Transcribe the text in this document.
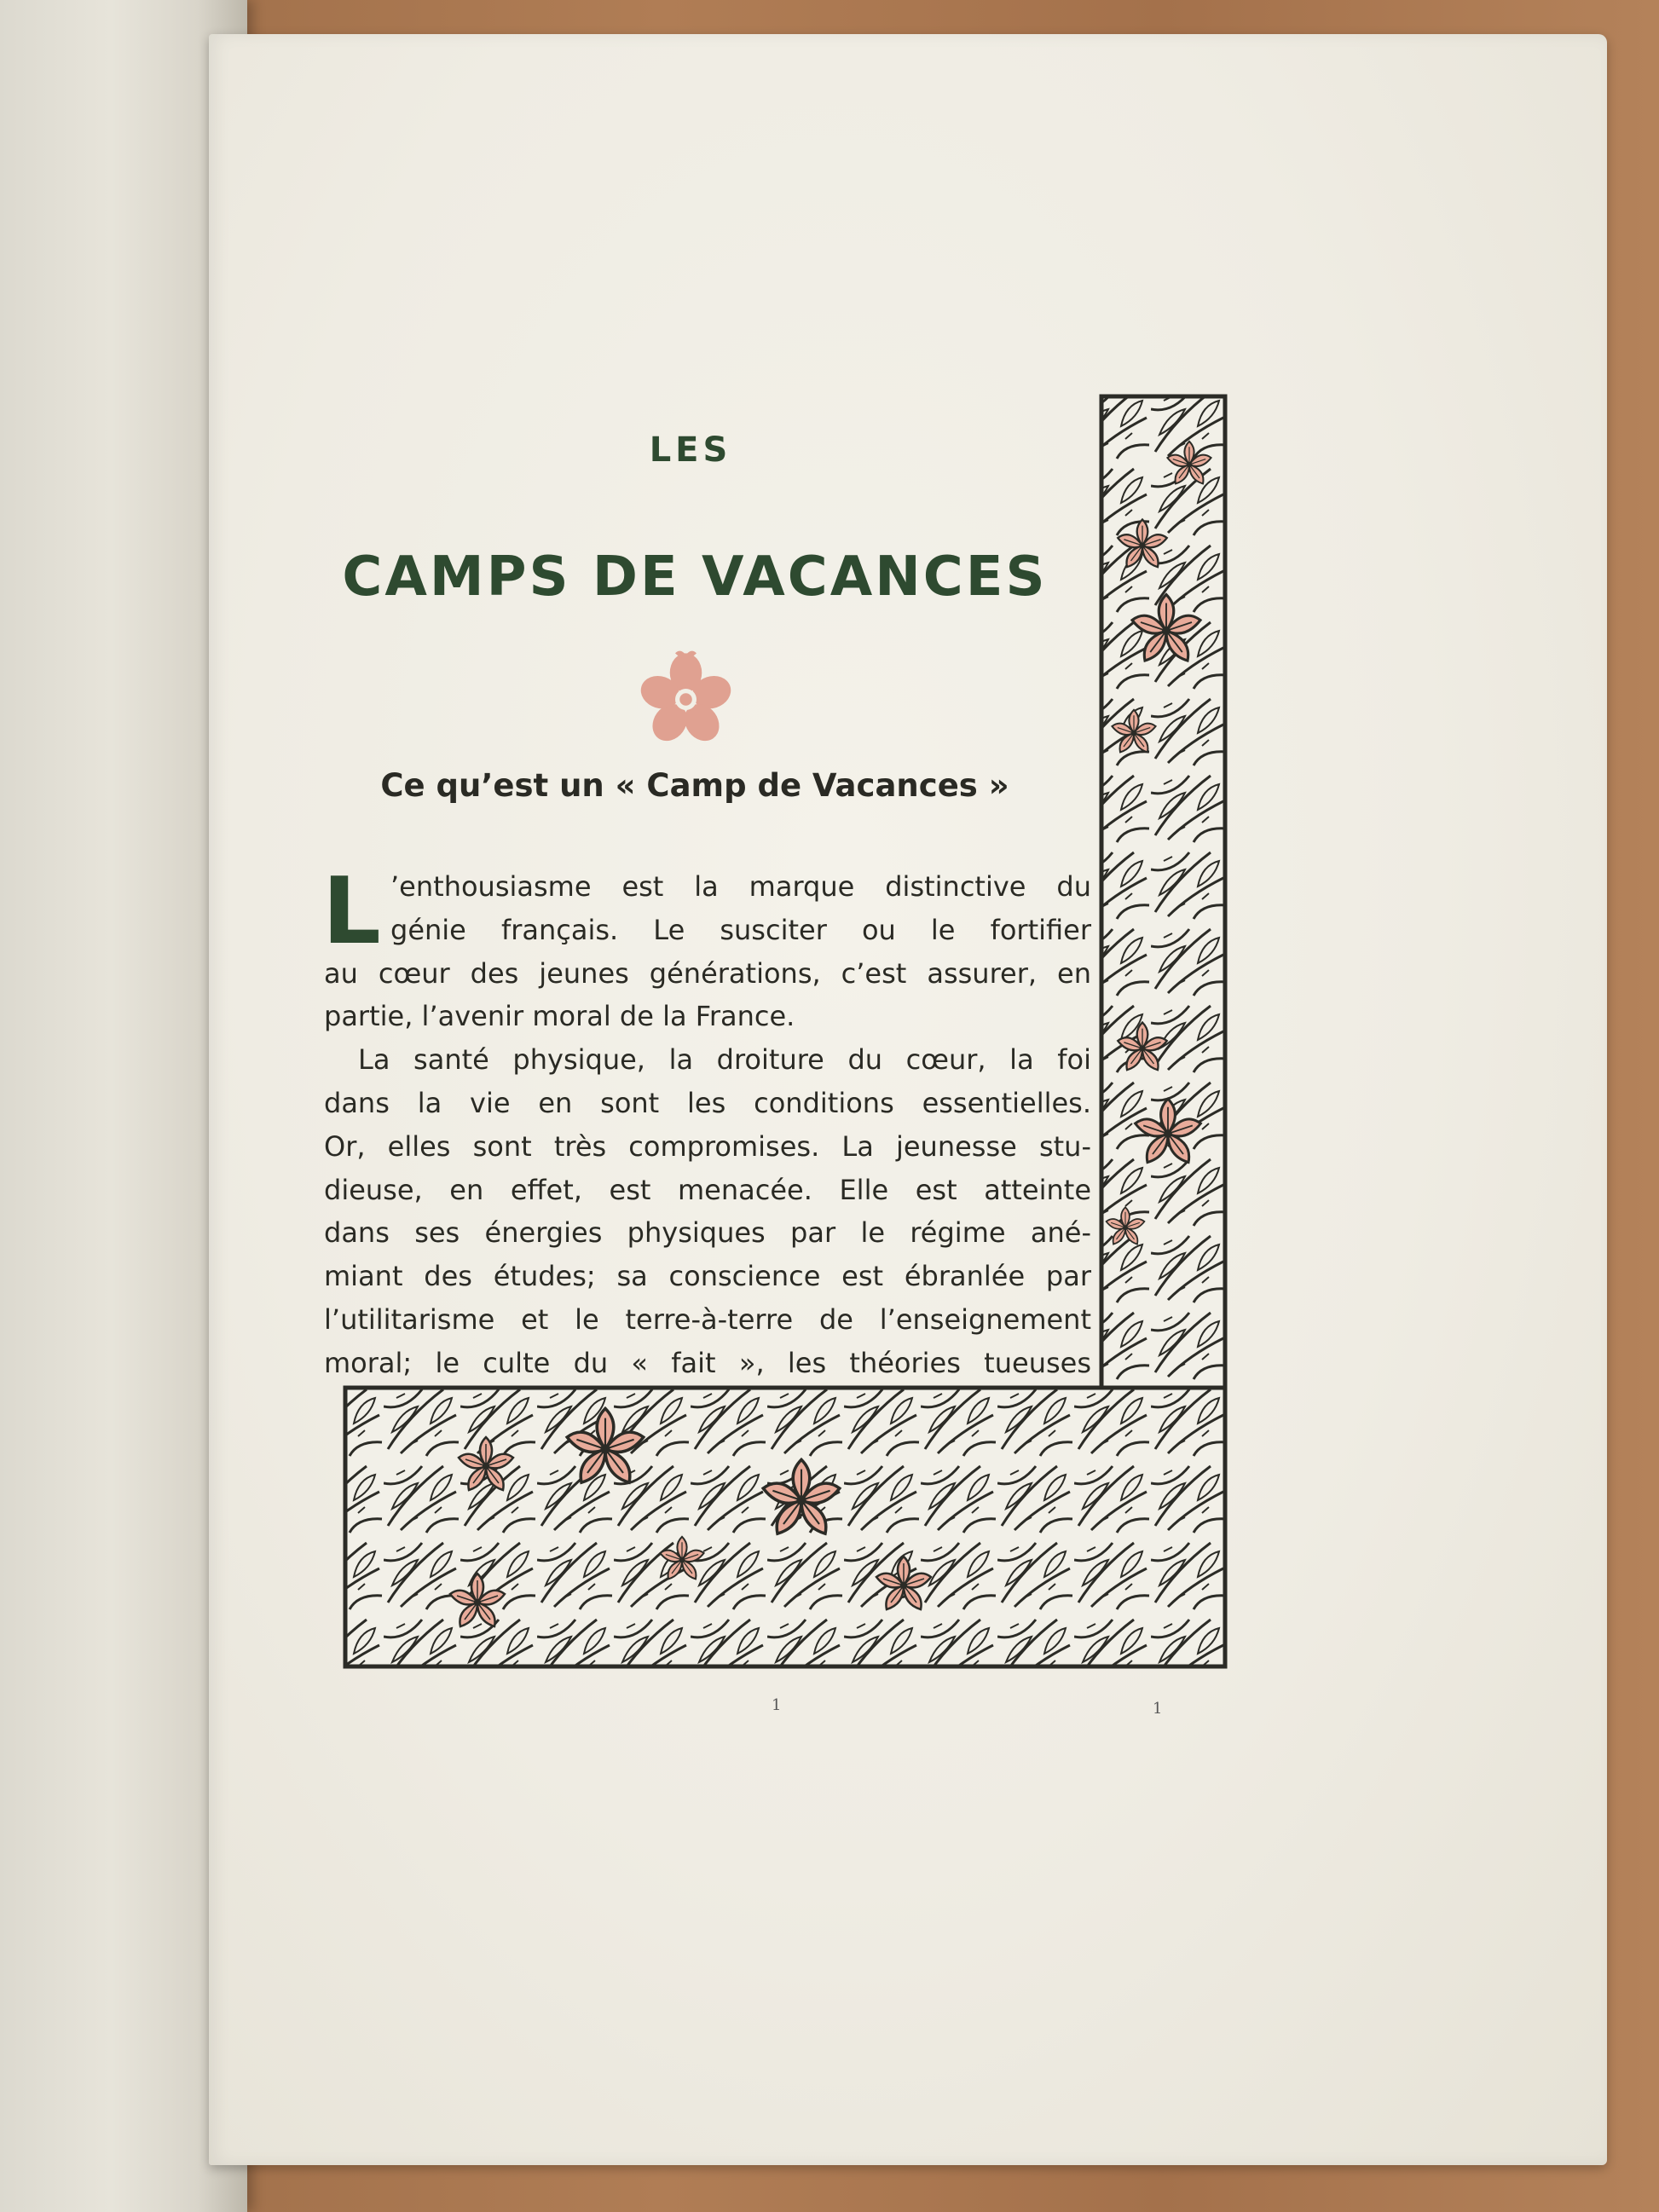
LES
CAMPS DE VACANCES
Ce qu’est un « Camp de Vacances »
L ’enthousiasme est la marque distinctive du
génie français. Le susciter ou le fortifier
au cœur des jeunes générations, c’est assurer, en
partie, l’avenir moral de la France.
La santé physique, la droiture du cœur, la foi
dans la vie en sont les conditions essentielles.
Or, elles sont très compromises. La jeunesse stu-
dieuse, en effet, est menacée. Elle est atteinte
dans ses énergies physiques par le régime ané-
miant des études; sa conscience est ébranlée par
l’utilitarisme et le terre-à-terre de l’enseignement
moral; le culte du « fait », les théories tueuses
1	1
